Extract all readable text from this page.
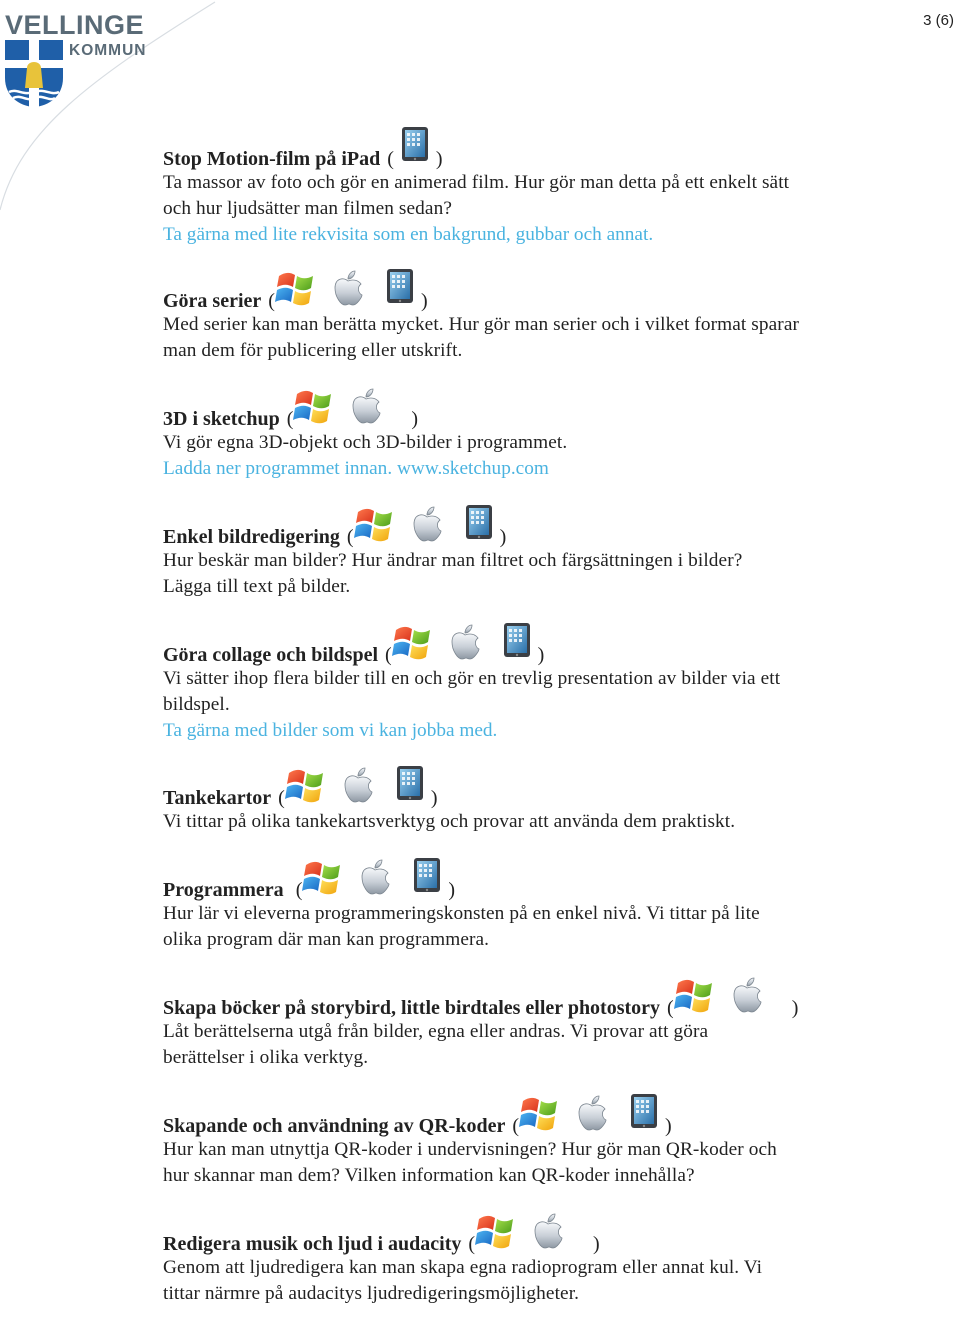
VELLINGE
KOMMUN
3 (6)
Stop Motion-film på iPad ( )

Ta massor av foto och gör en animerad film. Hur gör man detta på ett enkelt sätt
och hur ljudsätter man filmen sedan?

Ta gärna med lite rekvisita som en bakgrund, gubbar och annat.

Göra serier (	)

Med serier kan man berätta mycket. Hur gör man serier och i vilket format sparar
man dem för publicering eller utskrift.

3D i sketchup (	)

Vi gör egna 3D-objekt och 3D-bilder i programmet.

Ladda ner programmet innan. www.sketchup.com

Enkel bildredigering (	)

Hur beskär man bilder? Hur ändrar man filtret och färgsättningen i bilder?
Lägga till text på bilder.

Göra collage och bildspel (	)

Vi sätter ihop flera bilder till en och gör en trevlig presentation av bilder via ett
bildspel.

Ta gärna med bilder som vi kan jobba med.

Tankekartor (	)

Vi tittar på olika tankekartsverktyg och provar att använda dem praktiskt.

Programmera (	)

Hur lär vi eleverna programmeringskonsten på en enkel nivå. Vi tittar på lite
olika program där man kan programmera.

Skapa böcker på storybird, little birdtales eller photostory (	)

Låt berättelserna utgå från bilder, egna eller andras. Vi provar att göra
berättelser i olika verktyg.

Skapande och användning av QR-koder (	)

Hur kan man utnyttja QR-koder i undervisningen? Hur gör man QR-koder och
hur skannar man dem? Vilken information kan QR-koder innehålla?

Redigera musik och ljud i audacity (	)

Genom att ljudredigera kan man skapa egna radioprogram eller annat kul. Vi
tittar närmre på audacitys ljudredigeringsmöjligheter.
